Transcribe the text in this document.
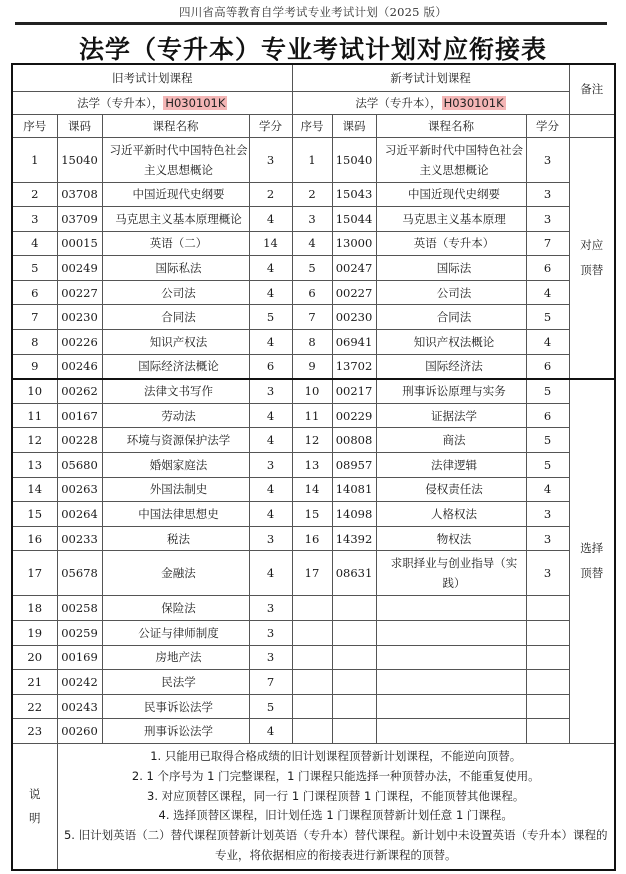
四川省高等教育自学考试专业考试计划（2025 版）
法学（专升本）专业考试计划对应衔接表
旧考试计划课程				新考试计划课程				备注
法学（专升本）， H030101K				法学（专升本）， H030101K				
序号	课码	课程名称	学分	序号	课码	课程名称	学分	
1	15040	习近平新时代中国特色社会主义思想概论	3	1	15040	习近平新时代中国特色社会主义思想概论	3	对应
顶替
2	03708	中国近现代史纲要	2	2	15043	中国近现代史纲要	3	
3	03709	马克思主义基本原理概论	4	3	15044	马克思主义基本原理	3	
4	00015	英语（二）	14	4	13000	英语（专升本）	7	
5	00249	国际私法	4	5	00247	国际法	6	
6	00227	公司法	4	6	00227	公司法	4	
7	00230	合同法	5	7	00230	合同法	5	
8	00226	知识产权法	4	8	06941	知识产权法概论	4	
9	00246	国际经济法概论	6	9	13702	国际经济法	6	
10	00262	法律文书写作	3	10	00217	刑事诉讼原理与实务	5	选择
顶替
11	00167	劳动法	4	11	00229	证据法学	6	
12	00228	环境与资源保护法学	4	12	00808	商法	5	
13	05680	婚姻家庭法	3	13	08957	法律逻辑	5	
14	00263	外国法制史	4	14	14081	侵权责任法	4	
15	00264	中国法律思想史	4	15	14098	人格权法	3	
16	00233	税法	3	16	14392	物权法	3	
17	05678	金融法	4	17	08631	求职择业与创业指导（实践）	3	
18	00258	保险法	3					
19	00259	公证与律师制度	3					
20	00169	房地产法	3					
21	00242	民法学	7					
22	00243	民事诉讼法学	5					
23	00260	刑事诉讼法学	4					
说
明	1. 只能用已取得合格成绩的旧计划课程顶替新计划课程，不能逆向顶替。
2. 1 个序号为 1 门完整课程，1 门课程只能选择一种顶替办法，不能重复使用。
3. 对应顶替区课程，同一行 1 门课程顶替 1 门课程，不能顶替其他课程。
4. 选择顶替区课程，旧计划任选 1 门课程顶替新计划任意 1 门课程。
5. 旧计划英语（二）替代课程顶替新计划英语（专升本）替代课程。新计划中未设置英语（专升本）课程的专业，将依据相应的衔接表进行新课程的顶替。							
